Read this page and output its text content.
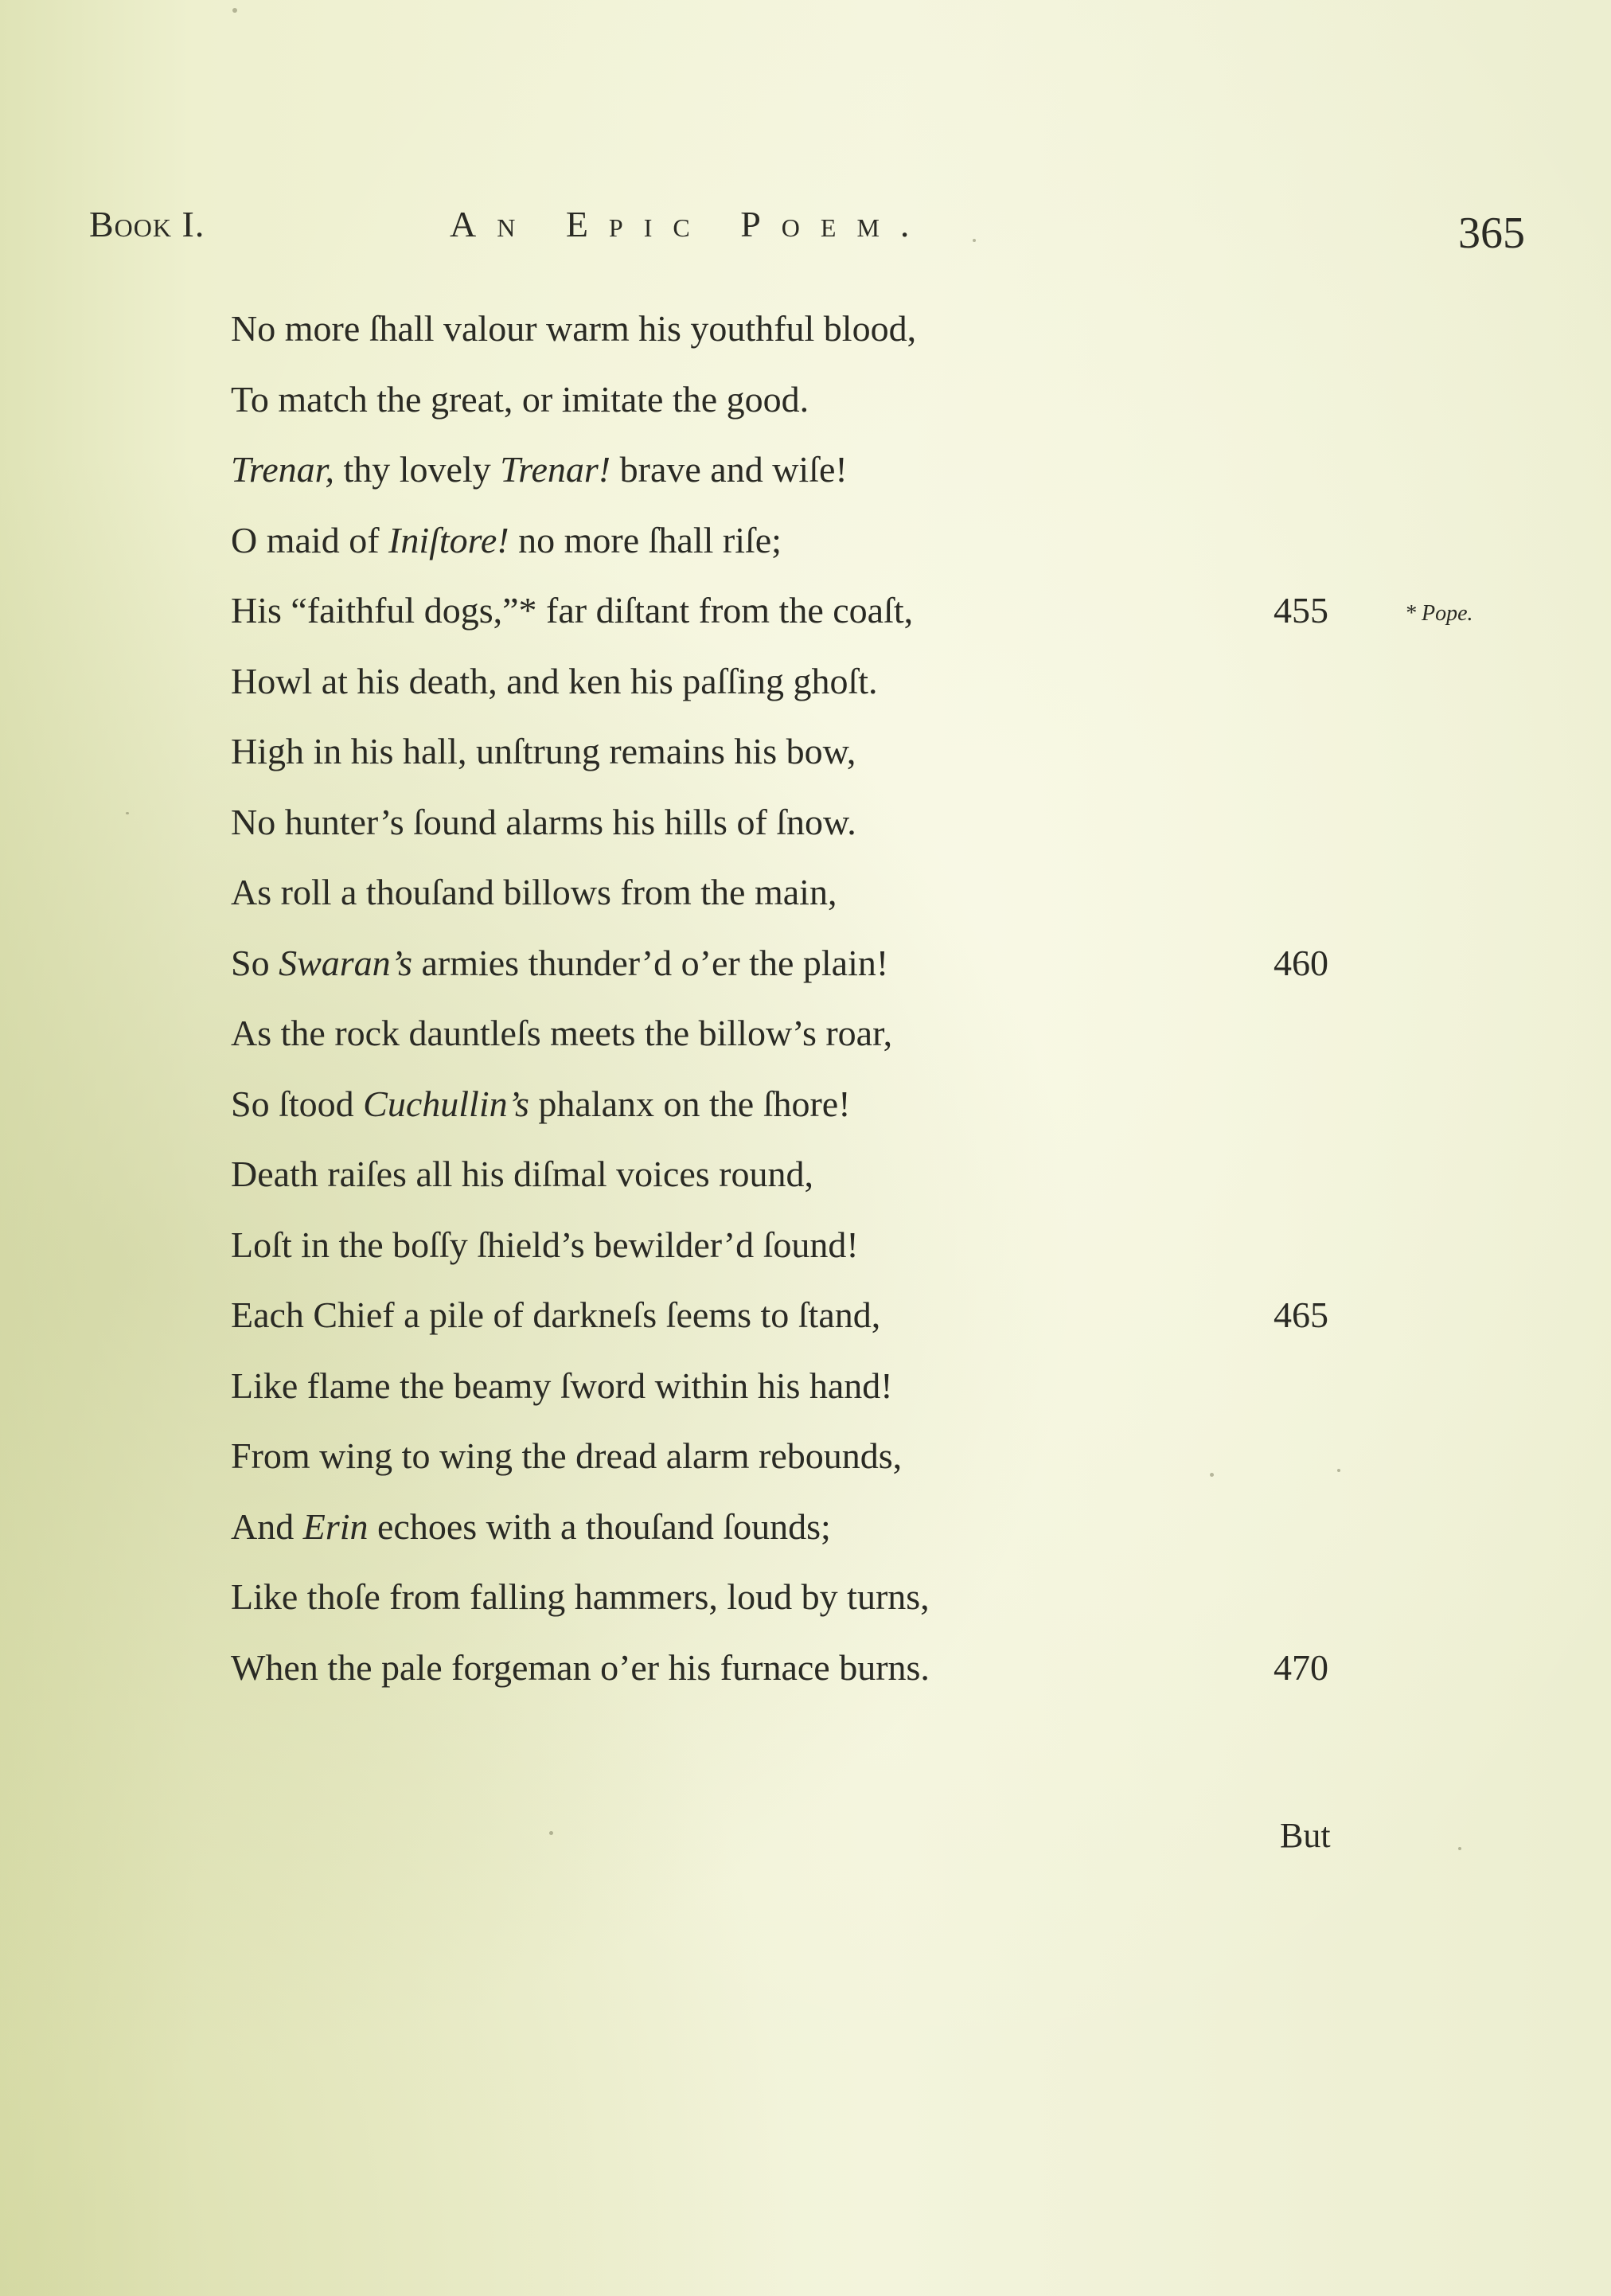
Book I.	An Epic Poem.	365
No more ſhall valour warm his youthful blood,
To match the great, or imitate the good.
Trenar, thy lovely Trenar! brave and wiſe!
O maid of Iniſtore! no more ſhall riſe;
His “faithful dogs,”* far diſtant from the coaſt,	455	* Pope.
Howl at his death, and ken his paſſing ghoſt.
High in his hall, unſtrung remains his bow,
No hunter’s ſound alarms his hills of ſnow.
As roll a thouſand billows from the main,
So Swaran’s armies thunder’d o’er the plain!	460
As the rock dauntleſs meets the billow’s roar,
So ſtood Cuchullin’s phalanx on the ſhore!
Death raiſes all his diſmal voices round,
Loſt in the boſſy ſhield’s bewilder’d ſound!
Each Chief a pile of darkneſs ſeems to ſtand,	465
Like flame the beamy ſword within his hand!
From wing to wing the dread alarm rebounds,
And Erin echoes with a thouſand ſounds;
Like thoſe from falling hammers, loud by turns,
When the pale forgeman o’er his furnace burns.	470
But
